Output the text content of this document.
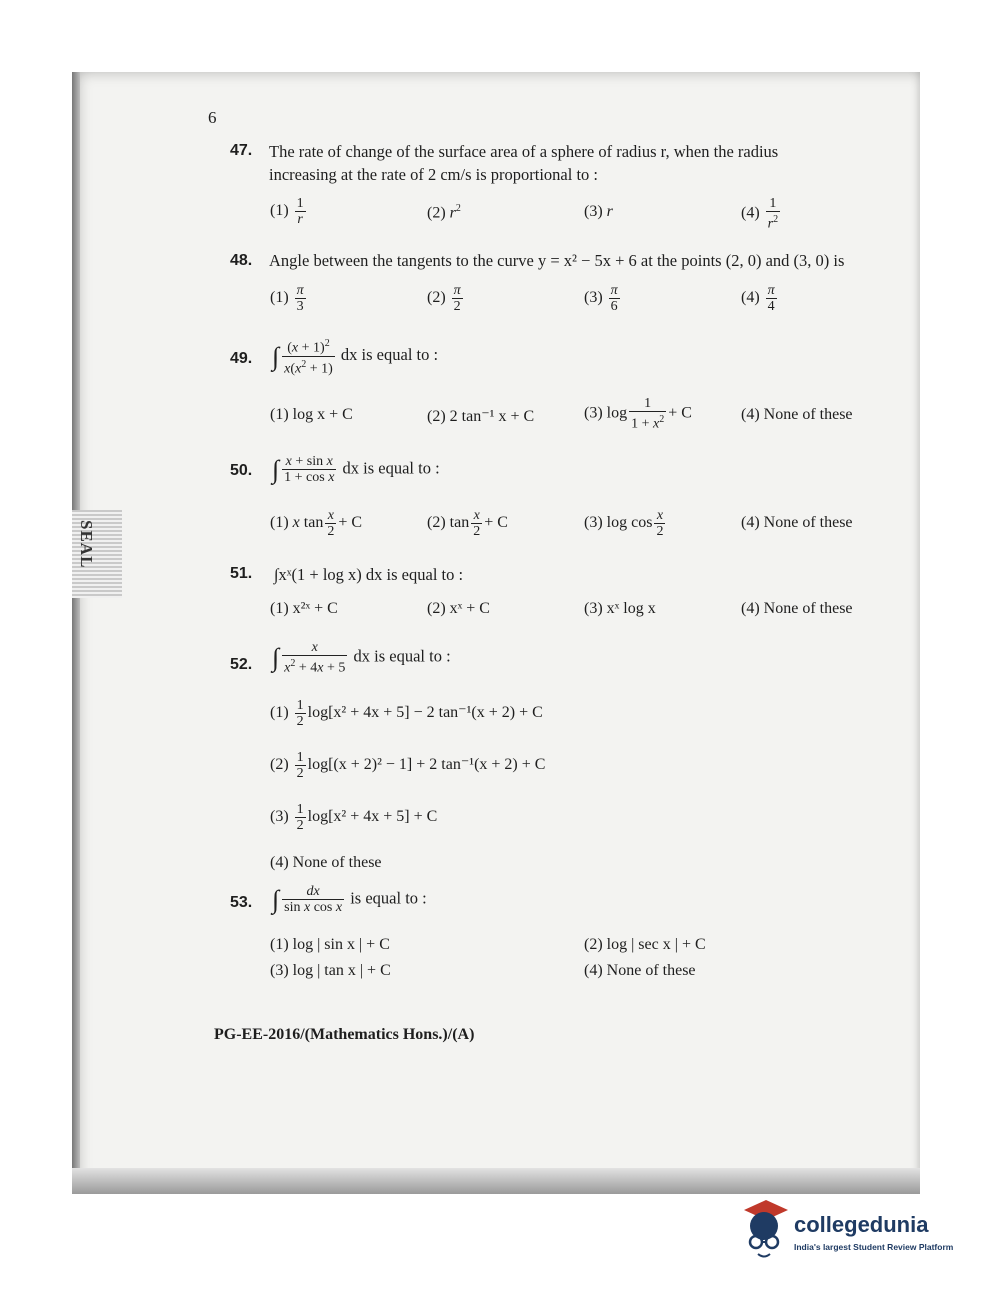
SEAL
6
47. The rate of change of the surface area of a sphere of radius r, when the radius
increasing at the rate of 2 cm/s is proportional to :
$(1) \frac{1}{r}$	(2) $r^2$	(3) r	$(4) \frac{1}{r^2}$
48. Angle between the tangents to the curve y = x² − 5x + 6 at the points (2, 0) and (3, 0) is
$(1) \frac{\pi}{3}$	$(2) \frac{\pi}{2}$	$(3) \frac{\pi}{6}$	$(4) \frac{\pi}{4}$
49. ∫ $\frac{(x + 1)^2}{x(x^2 + 1)}$ dx is equal to :
(1) log x + C	(2) 2 tan⁻¹ x + C	(3) $\log \frac{1}{1 + x^2} + C$	(4) None of these
50. ∫ $\frac{\text{x + sin x}}{\text{1 + cos x}}$ dx is equal to :
(1) x $\tan \frac{x}{2} + C$	(2) $\tan \frac{x}{2} + C$	(3) $\log \cos \frac{x}{2}$	(4) None of these
51. ∫xˣ(1 + log x) dx is equal to :
(1) x²ˣ + C	(2) xˣ + C	(3) xˣ log x	(4) None of these
52. ∫ $\frac{x}{x^2 + 4x + 5}$ dx is equal to :
$(1) \frac{1}{2} \log[x^2 + 4x + 5] - 2$ tan⁻¹(x + 2) + C
$(2) \frac{1}{2} \log[(x + 2)^2 - 1] + 2$ tan⁻¹(x + 2) + C
$(3) \frac{1}{2} \log[x^2 + 4x + 5] + C$
(4) None of these
53. ∫ $\frac{dx}{\text{sin x cos x}}$ is equal to :
(1) log | sin x | + C	(2) log | sec x | + C
(3) log | tan x | + C	(4) None of these
PG-EE-2016/(Mathematics Hons.)/(A)
collegedunia
India's largest Student Review Platform
